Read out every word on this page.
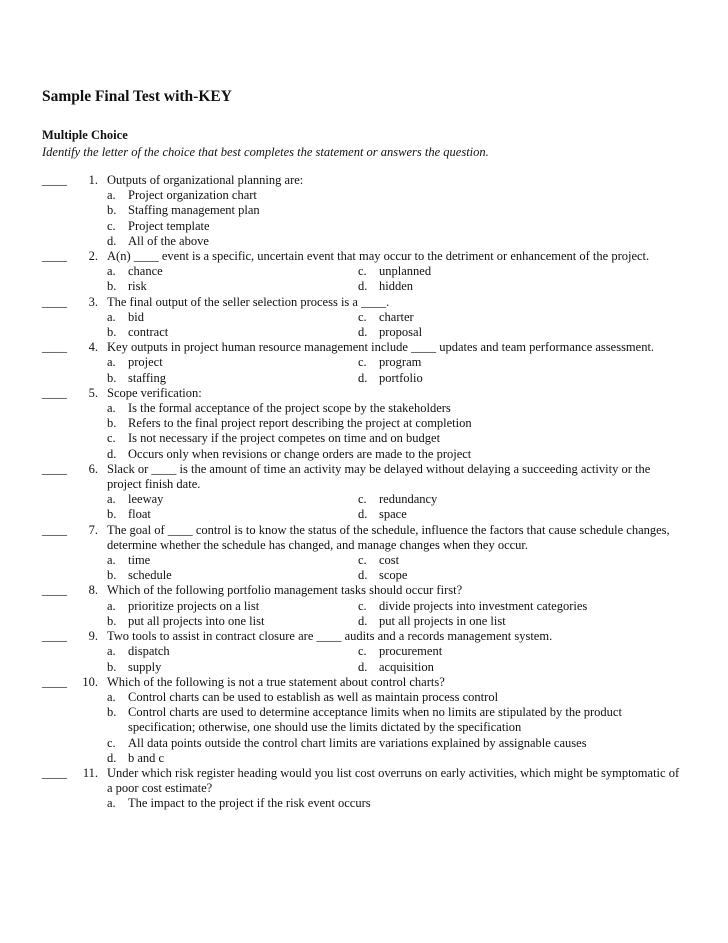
Sample Final Test with-KEY
Multiple Choice

Identify the letter of the choice that best completes the statement or answers the question.

____	1. Outputs of organizational planning are:
a. Project organization chart
b. Staffing management plan
c. Project template
d. All of the above
____	2. A(n) ____ event is a specific, uncertain event that may occur to the detriment or enhancement of the project.
a. chance	c. unplanned
b. risk	d. hidden
____	3. The final output of the seller selection process is a ____.
a. bid	c. charter
b. contract	d. proposal
____	4. Key outputs in project human resource management include ____ updates and team performance assessment.
a. project	c. program
b. staffing	d. portfolio
____	5. Scope verification:
a. Is the formal acceptance of the project scope by the stakeholders
b. Refers to the final project report describing the project at completion
c. Is not necessary if the project competes on time and on budget
d. Occurs only when revisions or change orders are made to the project
____	6. Slack or ____ is the amount of time an activity may be delayed without delaying a succeeding activity or the project finish date.
a. leeway	c. redundancy
b. float	d. space
____	7. The goal of ____ control is to know the status of the schedule, influence the factors that cause schedule changes, determine whether the schedule has changed, and manage changes when they occur.
a. time	c. cost
b. schedule	d. scope
____	8. Which of the following portfolio management tasks should occur first?
a. prioritize projects on a list	c. divide projects into investment categories
b. put all projects into one list	d. put all projects in one list
____	9. Two tools to assist in contract closure are ____ audits and a records management system.
a. dispatch	c. procurement
b. supply	d. acquisition
____	10. Which of the following is not a true statement about control charts?
a. Control charts can be used to establish as well as maintain process control
b. Control charts are used to determine acceptance limits when no limits are stipulated by the product specification; otherwise, one should use the limits dictated by the specification
c. All data points outside the control chart limits are variations explained by assignable causes
d. b and c
____	11. Under which risk register heading would you list cost overruns on early activities, which might be symptomatic of a poor cost estimate?
a. The impact to the project if the risk event occurs
